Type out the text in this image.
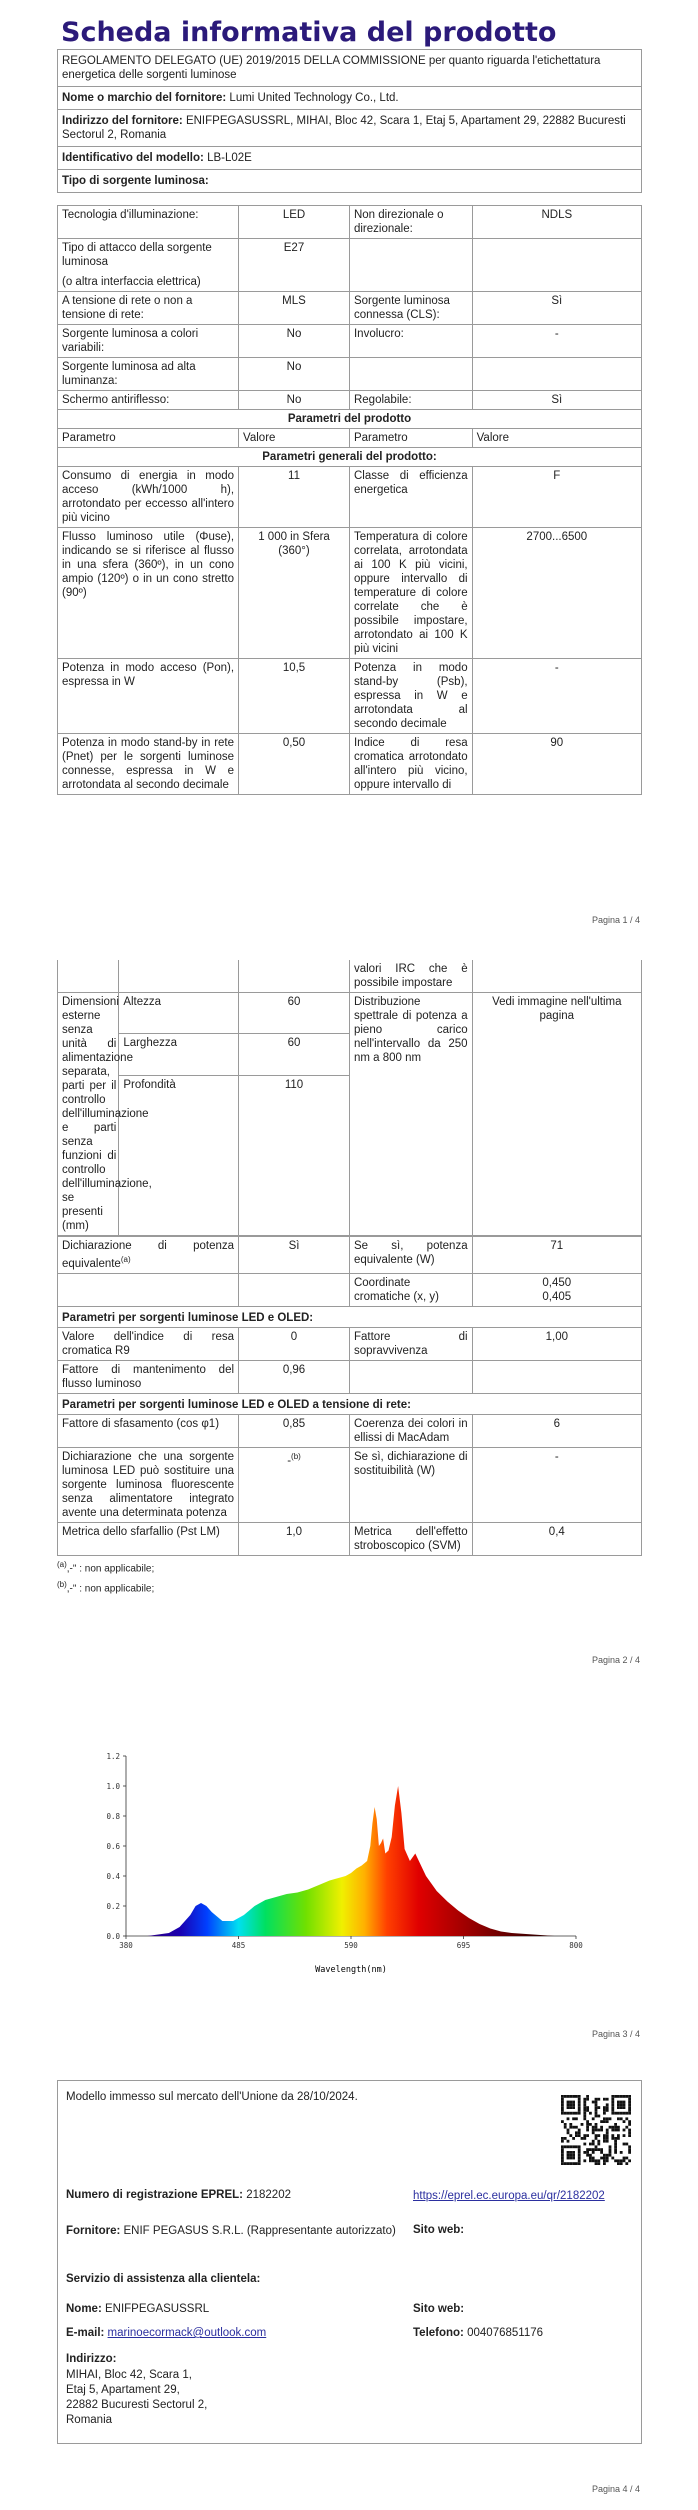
Scheda informativa del prodotto
REGOLAMENTO DELEGATO (UE) 2019/2015 DELLA COMMISSIONE per quanto riguarda l'etichettatura energetica delle sorgenti luminose
Nome o marchio del fornitore: Lumi United Technology Co., Ltd.
Indirizzo del fornitore: ENIFPEGASUSSRL, MIHAI, Bloc 42, Scara 1, Etaj 5, Apartament 29, 22882 Bucuresti Sectorul 2, Romania
Identificativo del modello: LB-L02E
Tipo di sorgente luminosa:
Tecnologia d'illuminazione:	LED	Non direzionale o direzionale:	NDLS

Tipo di attacco della sorgente luminosa
(o altra interfaccia elettrica)	E27		
A tensione di rete o non a tensione di rete:	MLS	Sorgente luminosa connessa (CLS):	Sì
Sorgente luminosa a colori variabili:	No	Involucro:	-
Sorgente luminosa ad alta luminanza:	No		
Schermo antiriflesso:	No	Regolabile:	Sì
Parametri del prodotto			
Parametro	Valore	Parametro	Valore
Parametri generali del prodotto:			
Consumo di energia in modo acceso (kWh/1000 h), arrotondato per eccesso all'intero più vicino	11	Classe di efficienza energetica	F
Flusso luminoso utile (Φuse), indicando se si riferisce al flusso in una sfera (360º), in un cono ampio (120º) o in un cono stretto (90º)	1 000 in Sfera (360°)	Temperatura di colore correlata, arrotondata ai 100 K più vicini, oppure intervallo di temperature di colore correlate che è possibile impostare, arrotondato ai 100 K più vicini	2700...6500
Potenza in modo acceso (Pon), espressa in W	10,5	Potenza in modo stand-by (Psb), espressa in W e arrotondata al secondo decimale	-
Potenza in modo stand-by in rete (Pnet) per le sorgenti luminose connesse, espressa in W e arrotondata al secondo decimale	0,50	Indice di resa cromatica arrotondato all'intero più vicino, oppure intervallo di	90
Pagina 1 / 4
			valori IRC che è possibile impostare	
Dimensioni esterne senza unità di alimentazione separata, parti per il controllo dell'illuminazione e parti senza funzioni di controllo dell'illuminazione, se presenti (mm)	Altezza	60	Distribuzione spettrale di potenza a pieno carico nell'intervallo da 250 nm a 800 nm	Vedi immagine nell'ultima pagina
	Larghezza	60		
	Profondità	110		

Dichiarazione di potenza equivalente$^{(a)}$	Sì	Se sì, potenza equivalente (W)	71
		Coordinate cromatiche (x, y)	0,450
0,405

Parametri per sorgenti luminose LED e OLED:			
Valore dell'indice di resa cromatica R9	0	Fattore di sopravvivenza	1,00
Fattore di mantenimento del flusso luminoso	0,96		
Parametri per sorgenti luminose LED e OLED a tensione di rete:			
Fattore di sfasamento (cos φ1)	0,85	Coerenza dei colori in ellissi di MacAdam	6
Dichiarazione che una sorgente luminosa LED può sostituire una sorgente luminosa fluorescente senza alimentatore integrato avente una determinata potenza	-$^{(b)}$	Se sì, dichiarazione di sostituibilità (W)	-
Metrica dello sfarfallio (Pst LM)	1,0	Metrica dell'effetto stroboscopico (SVM)	0,4
$^{(a)}$,-" : non applicabile;
$^{(b)}$,-" : non applicabile;
Pagina 2 / 4
0.0
0.2
0.4
0.6
0.8
1.0
1.2
380	485	590	695	800
Wavelength(nm)
Pagina 3 / 4
Modello immesso sul mercato dell'Unione da 28/10/2024.
Numero di registrazione EPREL: 2182202	https://eprel.ec.europa.eu/qr/2182202
Fornitore: ENIF PEGASUS S.R.L. (Rappresentante autorizzato)	Sito web:
Servizio di assistenza alla clientela:
Nome: ENIFPEGASUSSRL	Sito web:
E-mail: marinoecormack@outlook.com	Telefono: 004076851176
Indirizzo:
MIHAI, Bloc 42, Scara 1,
Etaj 5, Apartament 29,
22882 Bucuresti Sectorul 2,
Romania
Pagina 4 / 4
